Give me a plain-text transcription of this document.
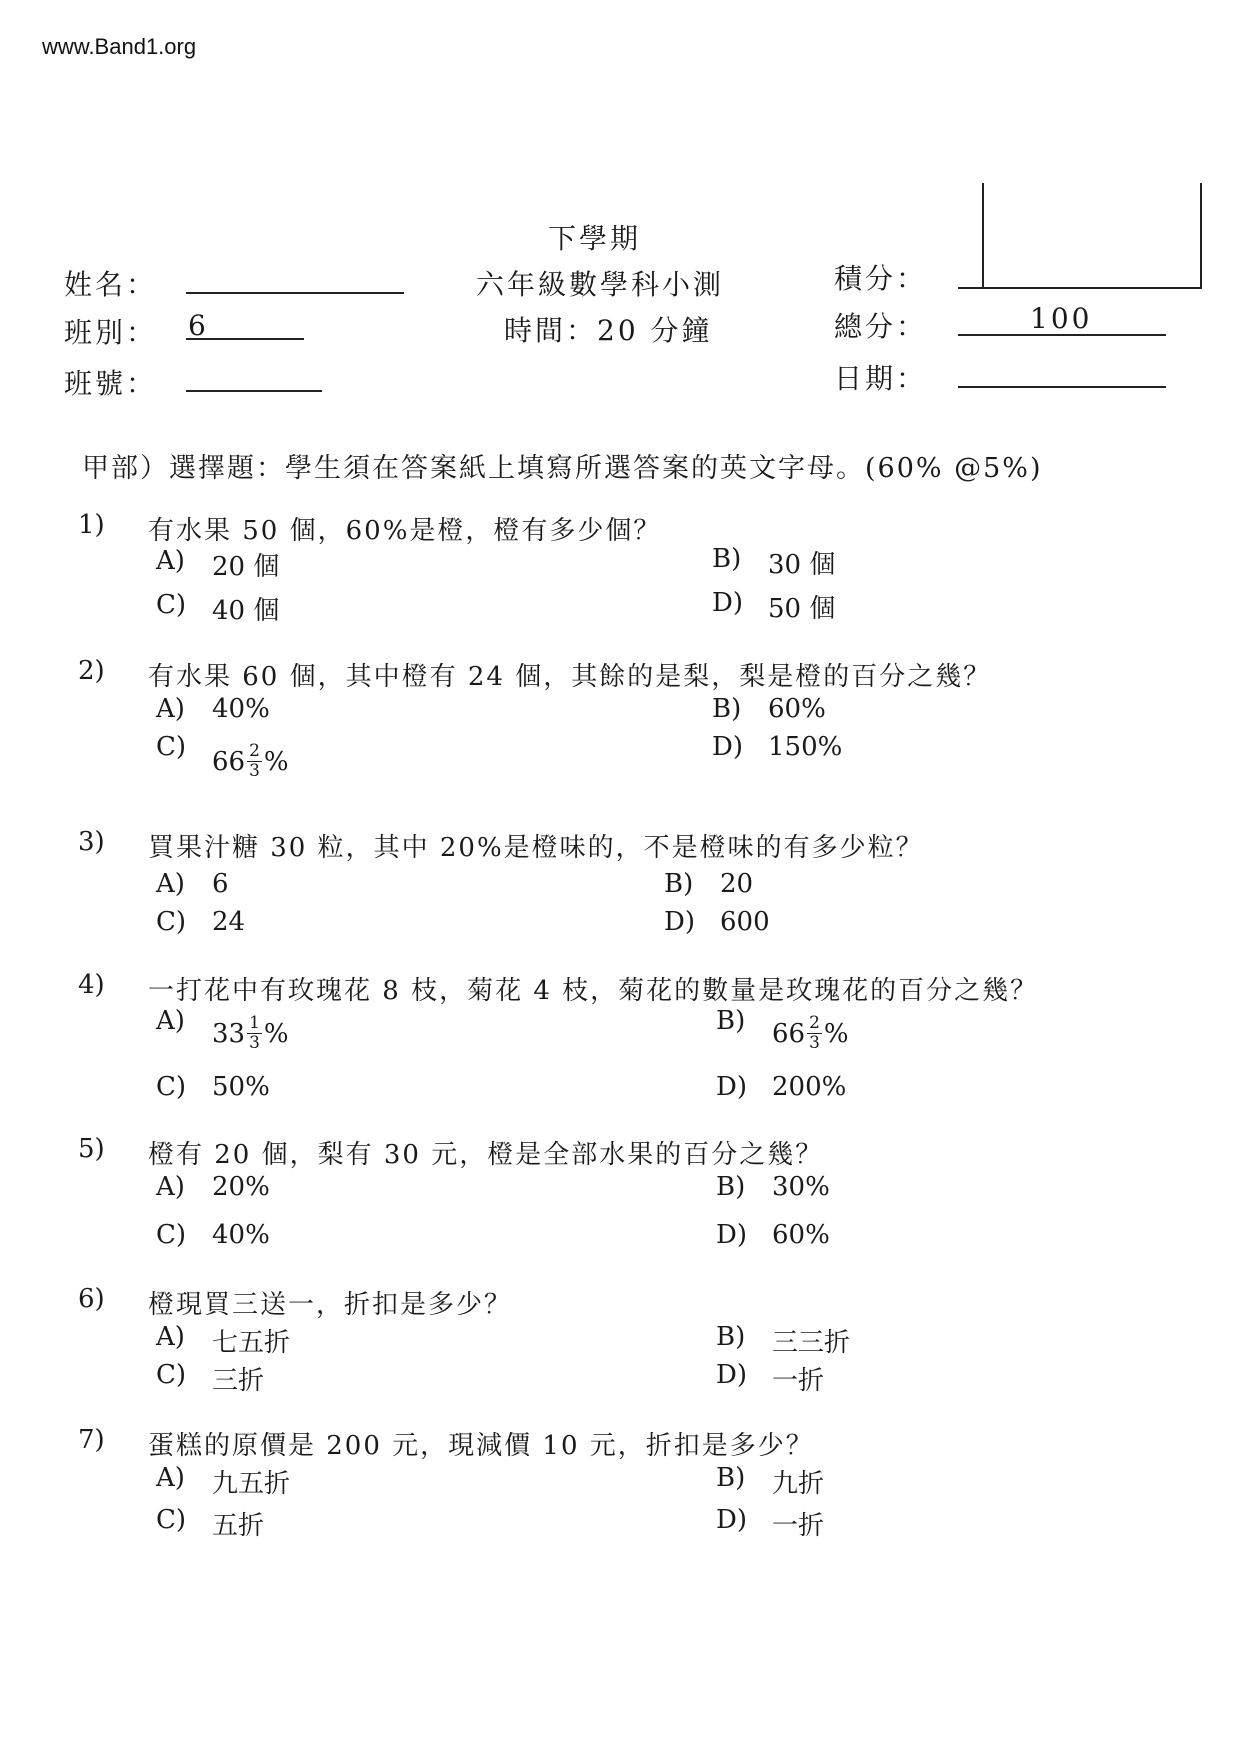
www.Band1.org
下學期
六年級數學科小測
時間：20 分鐘
姓名：
班別： 6
班號：
積分：
總分：	100
日期：
甲部）選擇題：學生須在答案紙上填寫所選答案的英文字母。(60% @5%)
1) 有水果 50 個，60%是橙，橙有多少個？
A)	20 個	B)	30 個
C) 40 個	D) 50 個
2) 有水果 60 個，其中橙有 24 個，其餘的是梨，梨是橙的百分之幾？
A)	40%	B)	60%
C) 66 2
3 %	D) 150%
3) 買果汁糖 30 粒，其中 20%是橙味的，不是橙味的有多少粒？
A)	6	B)	20
C) 24	D) 600
4) 一打花中有玫瑰花 8 枝，菊花 4 枝，菊花的數量是玫瑰花的百分之幾？
A)	33 1
3 %	B)	66 2
3 %
C) 50%	D) 200%
5) 橙有 20 個，梨有 30 元，橙是全部水果的百分之幾？
A)	20%	B)	30%
C) 40%	D) 60%
6) 橙現買三送一，折扣是多少？
A)	七五折	B)	三三折
C) 三折	D) 一折
7) 蛋糕的原價是 200 元，現減價 10 元，折扣是多少？
A)	九五折	B)	九折
C) 五折	D) 一折
